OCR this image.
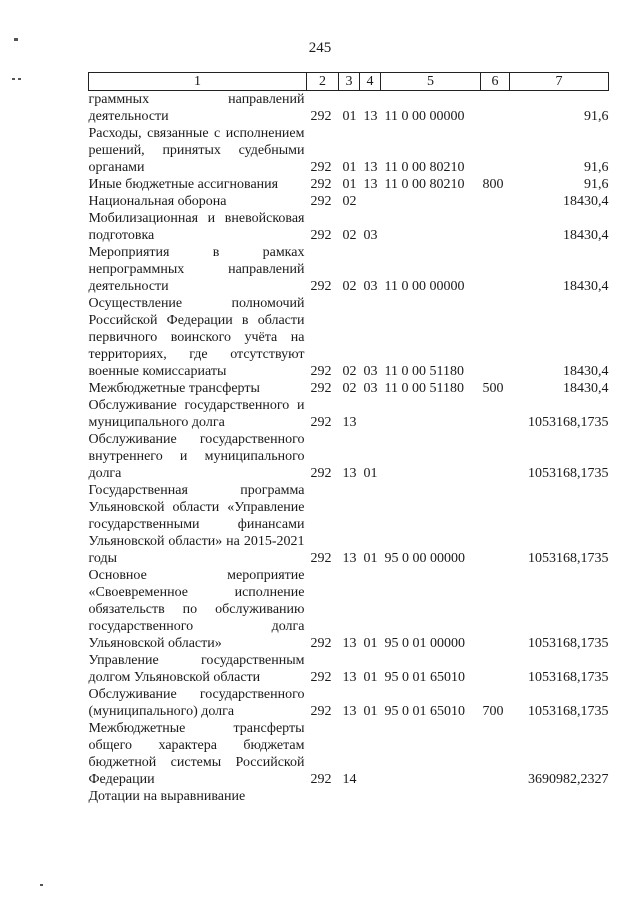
245
1	2	3	4	5	6	7
граммных направлений деятельности	292	01	13	11 0 00 00000		91,6
Расходы, связанные с исполнением решений, принятых судебными органами	292	01	13	11 0 00 80210		91,6
Иные бюджетные ассигнования	292	01	13	11 0 00 80210	800	91,6
Национальная оборона	292	02				18430,4
Мобилизационная и вневойсковая подготовка	292	02	03			18430,4
Мероприятия в рамках непрограммных направлений деятельности	292	02	03	11 0 00 00000		18430,4
Осуществление полномочий Российской Федерации в области первичного воинского учёта на территориях, где отсутствуют военные комиссариаты	292	02	03	11 0 00 51180		18430,4
Межбюджетные трансферты	292	02	03	11 0 00 51180	500	18430,4
Обслуживание государственного и муниципального долга	292	13				1053168,1735
Обслуживание государственного внутреннего и муниципального долга	292	13	01			1053168,1735
Государственная программа Ульяновской области «Управление государственными финансами Ульяновской области» на 2015-2021 годы	292	13	01	95 0 00 00000		1053168,1735
Основное мероприятие «Своевременное исполнение обязательств по обслуживанию государственного долга Ульяновской области»	292	13	01	95 0 01 00000		1053168,1735
Управление государственным долгом Ульяновской области	292	13	01	95 0 01 65010		1053168,1735
Обслуживание государственного (муниципального) долга	292	13	01	95 0 01 65010	700	1053168,1735
Межбюджетные трансферты общего характера бюджетам бюджетной системы Российской Федерации	292	14				3690982,2327
Дотации на выравнивание						
